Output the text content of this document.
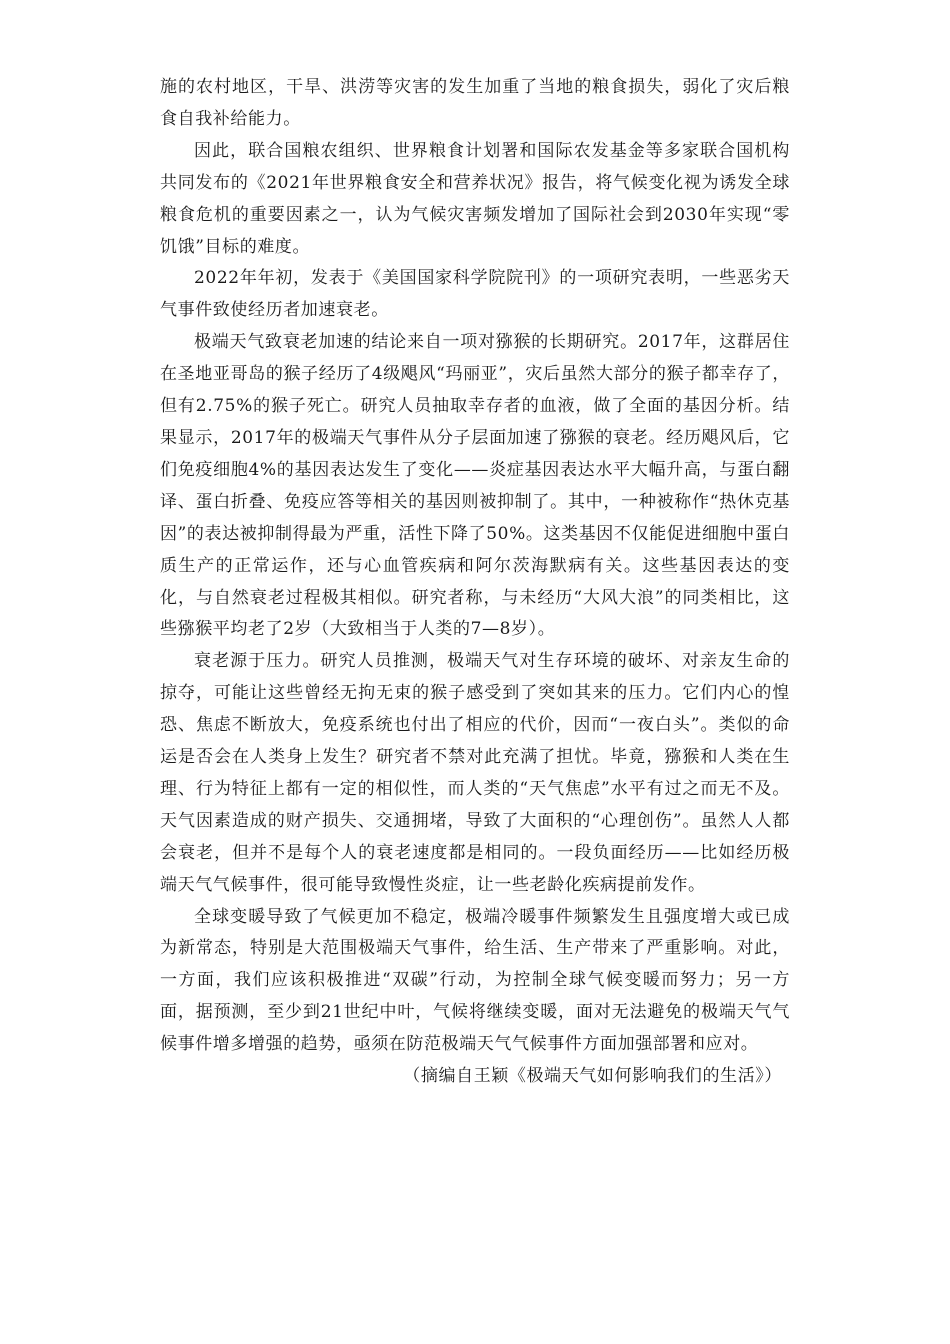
施的农村地区，干旱、洪涝等灾害的发生加重了当地的粮食损失，弱化了灾后粮食自我补给能力。

因此，联合国粮农组织、世界粮食计划署和国际农发基金等多家联合国机构共同发布的《2021年世界粮食安全和营养状况》报告，将气候变化视为诱发全球粮食危机的重要因素之一，认为气候灾害频发增加了国际社会到2030年实现“零饥饿”目标的难度。

2022年年初，发表于《美国国家科学院院刊》的一项研究表明，一些恶劣天气事件致使经历者加速衰老。

极端天气致衰老加速的结论来自一项对猕猴的长期研究。2017年，这群居住在圣地亚哥岛的猴子经历了4级飓风“玛丽亚”，灾后虽然大部分的猴子都幸存了，但有2.75%的猴子死亡。研究人员抽取幸存者的血液，做了全面的基因分析。结果显示，2017年的极端天气事件从分子层面加速了猕猴的衰老。经历飓风后，它们免疫细胞4%的基因表达发生了变化——炎症基因表达水平大幅升高，与蛋白翻译、蛋白折叠、免疫应答等相关的基因则被抑制了。其中，一种被称作“热休克基因”的表达被抑制得最为严重，活性下降了50%。这类基因不仅能促进细胞中蛋白质生产的正常运作，还与心血管疾病和阿尔茨海默病有关。这些基因表达的变化，与自然衰老过程极其相似。研究者称，与未经历“大风大浪”的同类相比，这些猕猴平均老了2岁（大致相当于人类的7—8岁）。

衰老源于压力。研究人员推测，极端天气对生存环境的破坏、对亲友生命的掠夺，可能让这些曾经无拘无束的猴子感受到了突如其来的压力。它们内心的惶恐、焦虑不断放大，免疫系统也付出了相应的代价，因而“一夜白头”。类似的命运是否会在人类身上发生？研究者不禁对此充满了担忧。毕竟，猕猴和人类在生理、行为特征上都有一定的相似性，而人类的“天气焦虑”水平有过之而无不及。天气因素造成的财产损失、交通拥堵，导致了大面积的“心理创伤”。虽然人人都会衰老，但并不是每个人的衰老速度都是相同的。一段负面经历——比如经历极端天气气候事件，很可能导致慢性炎症，让一些老龄化疾病提前发作。

全球变暖导致了气候更加不稳定，极端冷暖事件频繁发生且强度增大或已成为新常态，特别是大范围极端天气事件，给生活、生产带来了严重影响。对此，一方面，我们应该积极推进“双碳”行动，为控制全球气候变暖而努力；另一方面，据预测，至少到21世纪中叶，气候将继续变暖，面对无法避免的极端天气气候事件增多增强的趋势，亟须在防范极端天气气候事件方面加强部署和应对。

（摘编自王颖《极端天气如何影响我们的生活》）
